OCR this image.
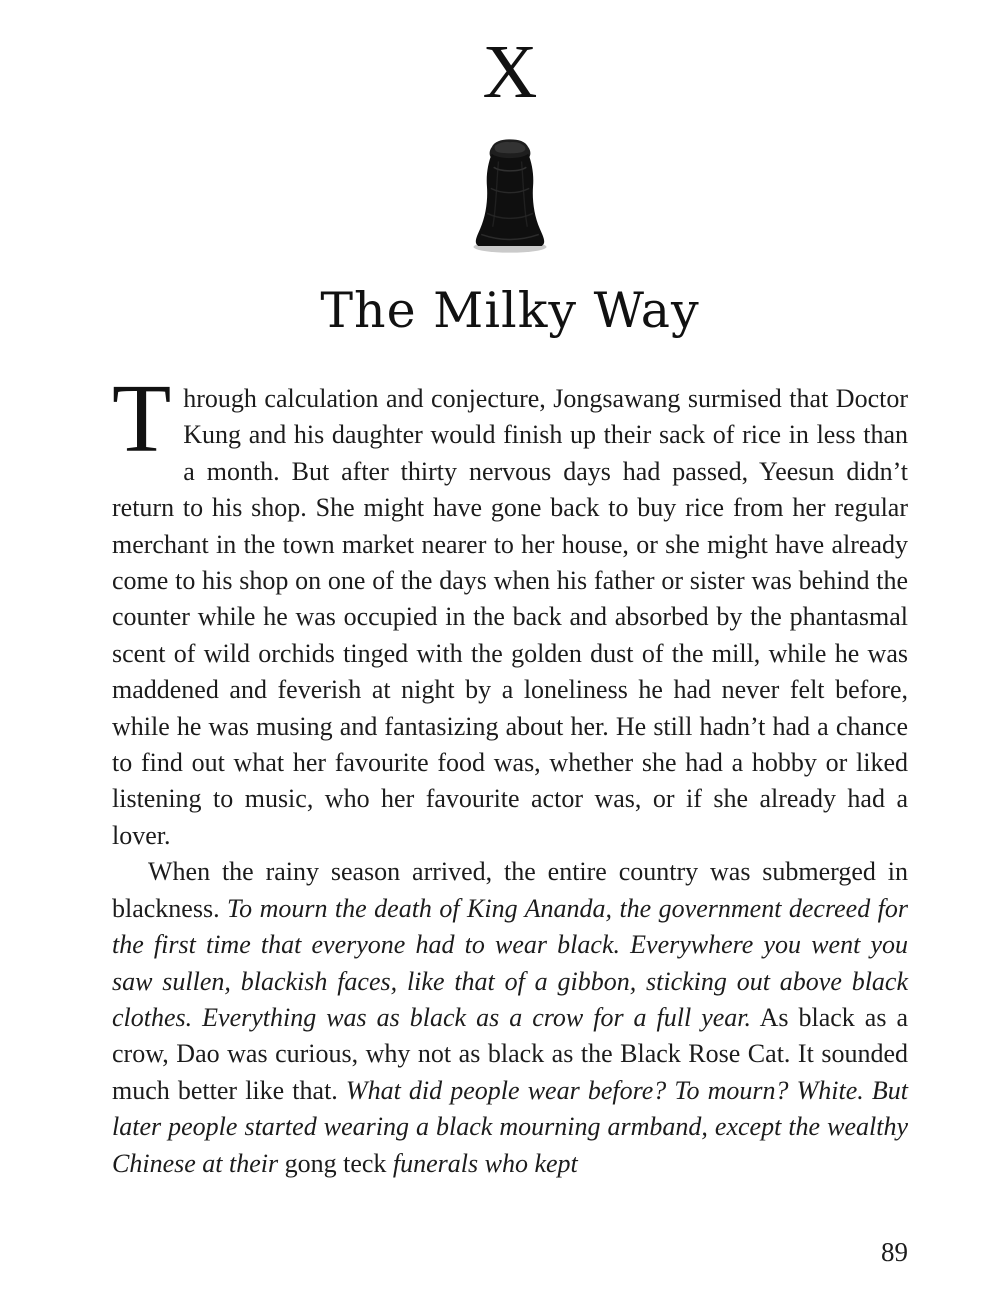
X
The Milky Way

Through calculation and conjecture, Jongsawang surmised that Doctor Kung and his daughter would finish up their sack of rice in less than a month. But after thirty nervous days had passed, Yeesun didn’t return to his shop. She might have gone back to buy rice from her regular merchant in the town market nearer to her house, or she might have already come to his shop on one of the days when his father or sister was behind the counter while he was occupied in the back and absorbed by the phantasmal scent of wild orchids tinged with the golden dust of the mill, while he was maddened and feverish at night by a loneliness he had never felt before, while he was musing and fantasizing about her. He still hadn’t had a chance to find out what her favourite food was, whether she had a hobby or liked listening to music, who her favourite actor was, or if she already had a lover.

When the rainy season arrived, the entire country was submerged in blackness. To mourn the death of King Ananda, the government decreed for the first time that everyone had to wear black. Everywhere you went you saw sullen, blackish faces, like that of a gibbon, sticking out above black clothes. Everything was as black as a crow for a full year. As black as a crow, Dao was curious, why not as black as the Black Rose Cat. It sounded much better like that. What did people wear before? To mourn? White. But later people started wearing a black mourning armband, except the wealthy Chinese at their gong teck funerals who kept

89
